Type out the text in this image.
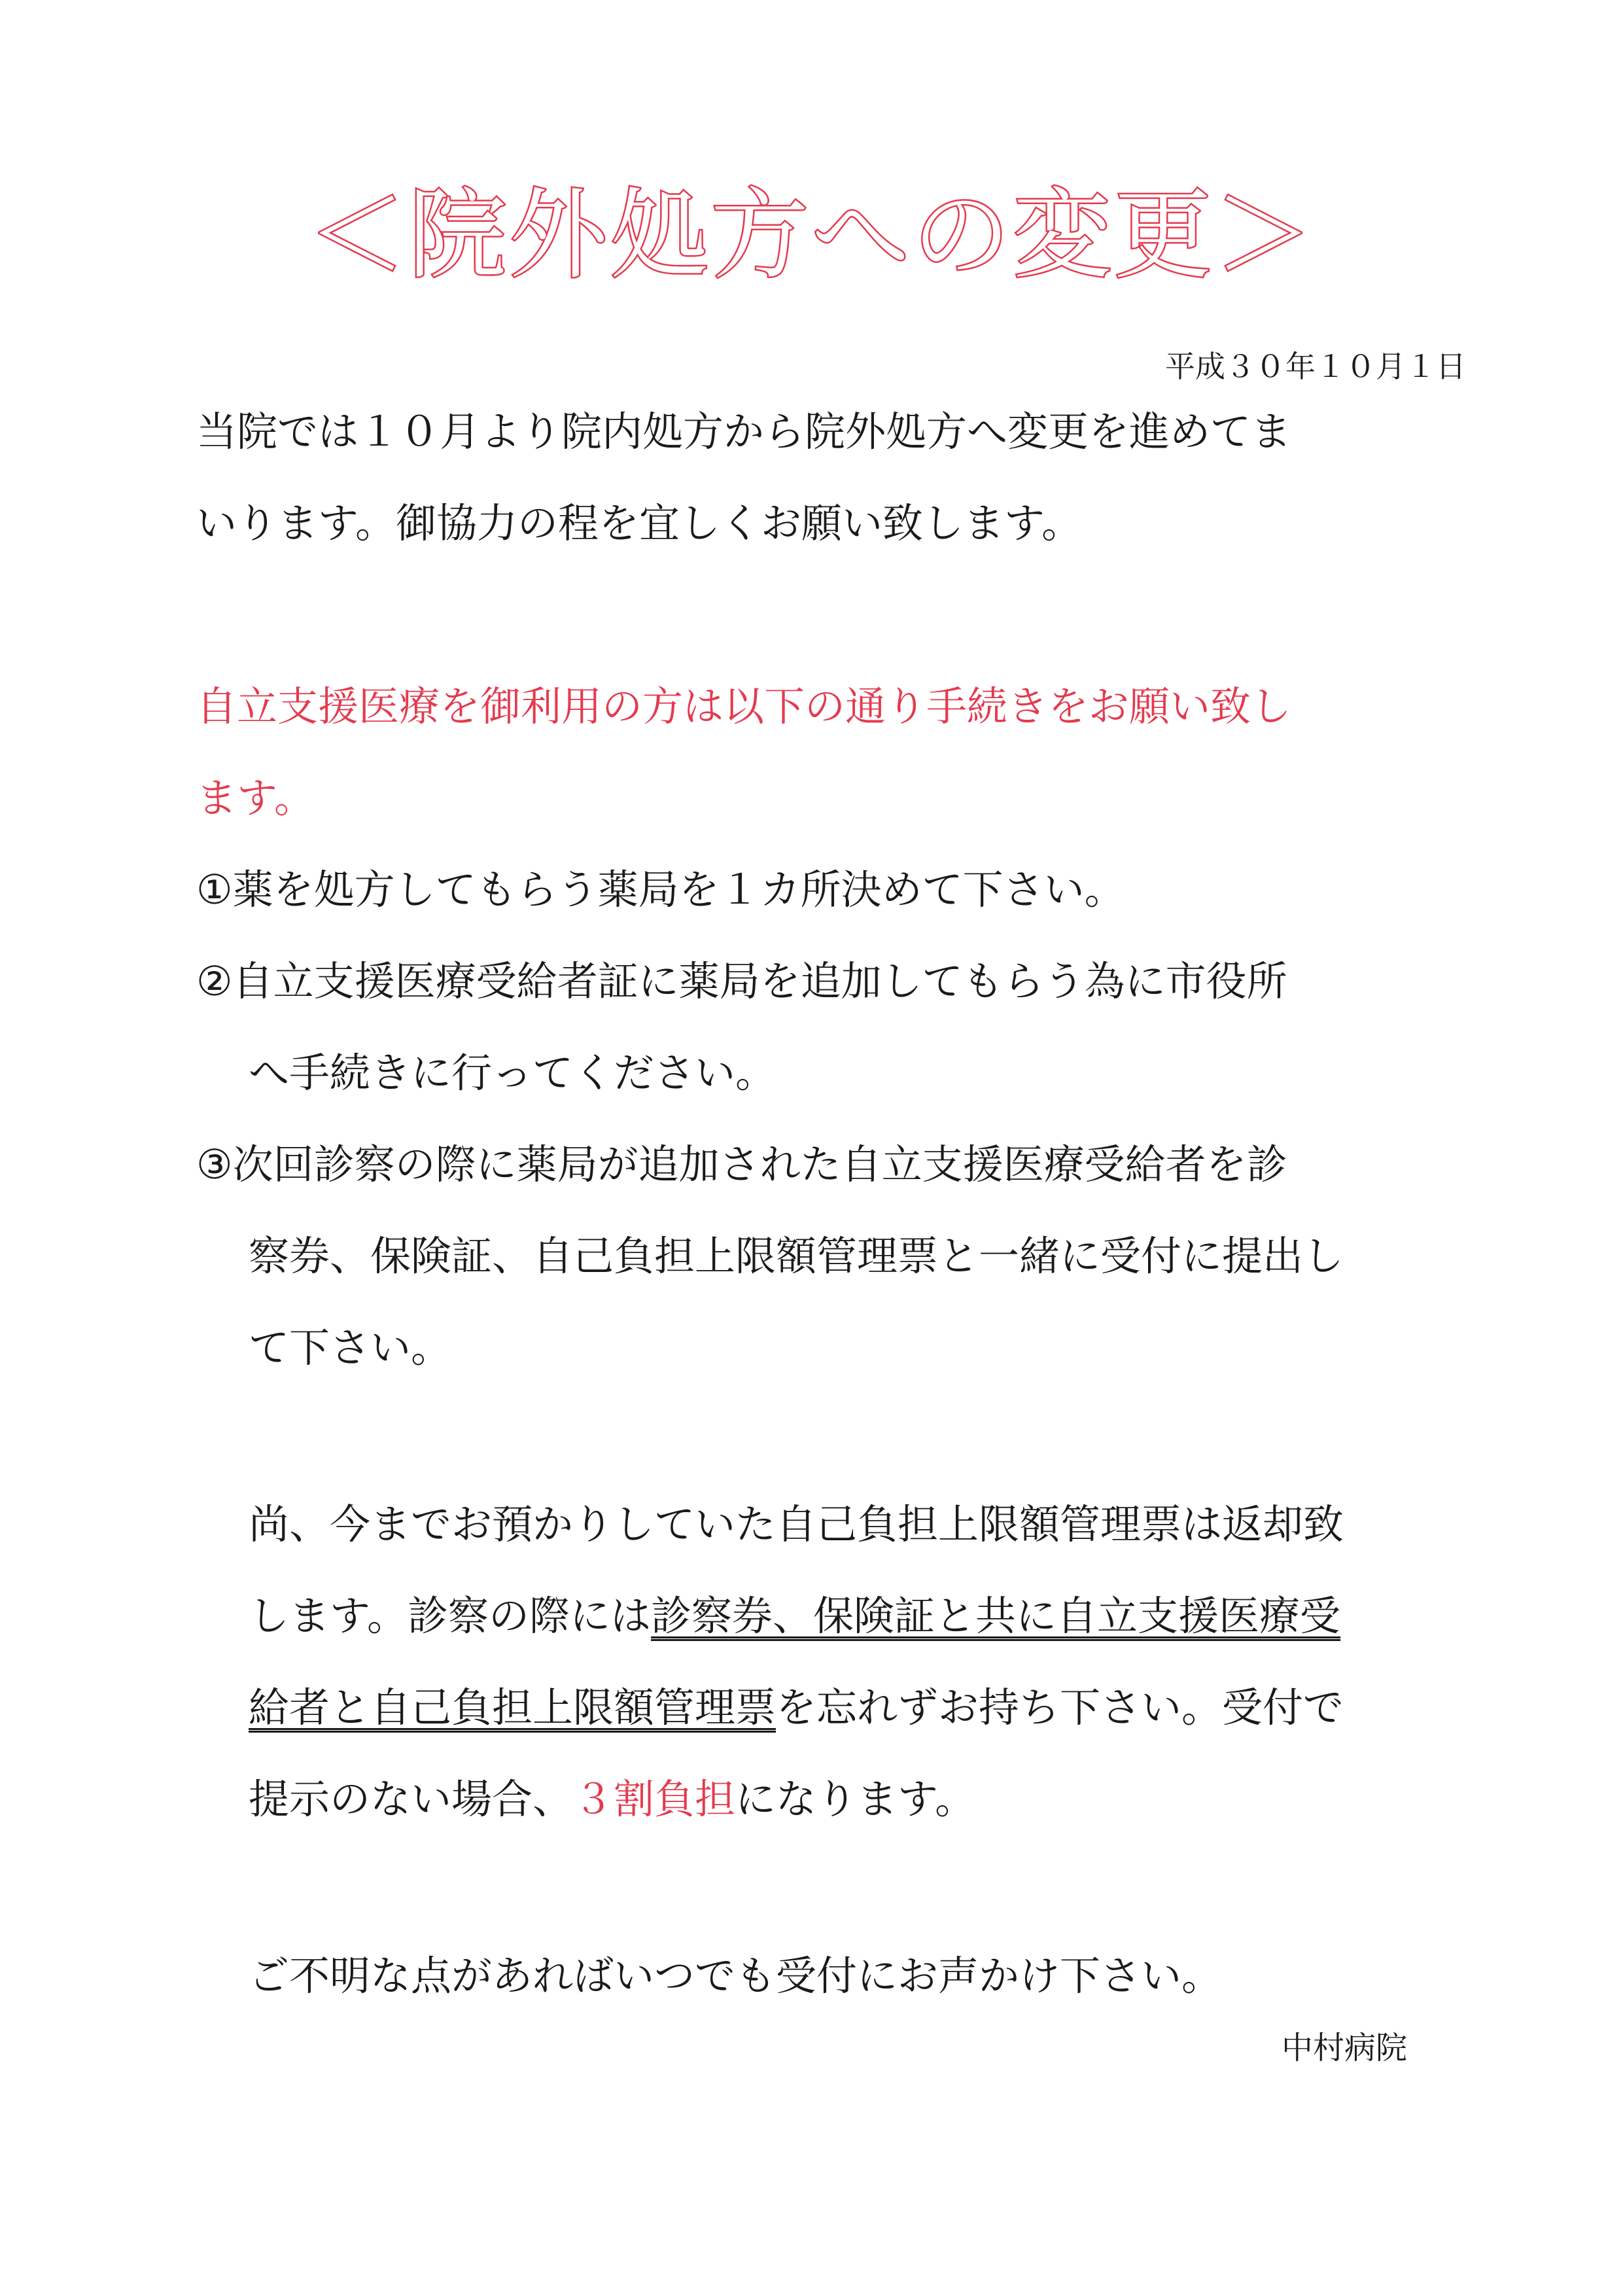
＜院外処方への変更＞
平成３０年１０月１日
当院では１０月より院内処方から院外処方へ変更を進めてま
いります。御協力の程を宜しくお願い致します。
自立支援医療を御利用の方は以下の通り手続きをお願い致し
ます。
①薬を処方してもらう薬局を１カ所決めて下さい。
②自立支援医療受給者証に薬局を追加してもらう為に市役所
へ手続きに行ってください。
③次回診察の際に薬局が追加された自立支援医療受給者を診
察券、保険証、自己負担上限額管理票と一緒に受付に提出し
て下さい。
尚、今までお預かりしていた自己負担上限額管理票は返却致
します。診察の際には診察券、保険証と共に自立支援医療受
給者と自己負担上限額管理票を忘れずお持ち下さい。受付で
提示のない場合、３割負担になります。
ご不明な点があればいつでも受付にお声かけ下さい。
中村病院
